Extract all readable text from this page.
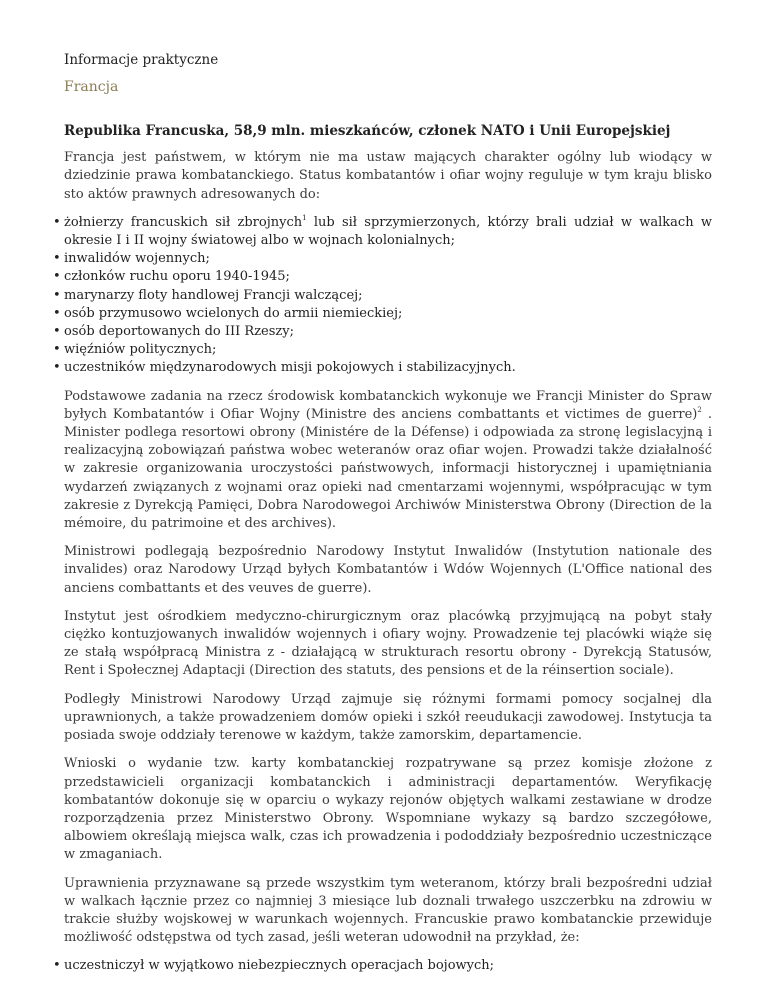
Informacje praktyczne
Francja
Republika Francuska, 58,9 mln. mieszkańców, członek NATO i Unii Europejskiej

Francja jest państwem, w którym nie ma ustaw mających charakter ogólny lub wiodący w dziedzinie prawa kombatanckiego. Status kombatantów i ofiar wojny reguluje w tym kraju blisko sto aktów prawnych adresowanych do:

• żołnierzy francuskich sił zbrojnych$^1$ lub sił sprzymierzonych, którzy brali udział w walkach w okresie I i II wojny światowej albo w wojnach kolonialnych;
• inwalidów wojennych;
• członków ruchu oporu 1940-1945;
• marynarzy floty handlowej Francji walczącej;
• osób przymusowo wcielonych do armii niemieckiej;
• osób deportowanych do III Rzeszy;
• więźniów politycznych;
• uczestników międzynarodowych misji pokojowych i stabilizacyjnych.

Podstawowe zadania na rzecz środowisk kombatanckich wykonuje we Francji Minister do Spraw byłych Kombatantów i Ofiar Wojny (Ministre des anciens combattants et victimes de guerre)$^2$ . Minister podlega resortowi obrony (Ministére de la Défense) i odpowiada za stronę legislacyjną i realizacyjną zobowiązań państwa wobec weteranów oraz ofiar wojen. Prowadzi także działalność w zakresie organizowania uroczystości państwowych, informacji historycznej i upamiętniania wydarzeń związanych z wojnami oraz opieki nad cmentarzami wojennymi, współpracując w tym zakresie z Dyrekcją Pamięci, Dobra Narodowegoi Archiwów Ministerstwa Obrony (Direction de la mémoire, du patrimoine et des archives).

Ministrowi podlegają bezpośrednio Narodowy Instytut Inwalidów (Instytution nationale des invalides) oraz Narodowy Urząd byłych Kombatantów i Wdów Wojennych (L'Office national des anciens combattants et des veuves de guerre).

Instytut jest ośrodkiem medyczno-chirurgicznym oraz placówką przyjmującą na pobyt stały ciężko kontuzjowanych inwalidów wojennych i ofiary wojny. Prowadzenie tej placówki wiąże się ze stałą współpracą Ministra z - działającą w strukturach resortu obrony - Dyrekcją Statusów, Rent i Społecznej Adaptacji (Direction des statuts, des pensions et de la réinsertion sociale).

Podległy Ministrowi Narodowy Urząd zajmuje się różnymi formami pomocy socjalnej dla uprawnionych, a także prowadzeniem domów opieki i szkół reeudukacji zawodowej. Instytucja ta posiada swoje oddziały terenowe w każdym, także zamorskim, departamencie.

Wnioski o wydanie tzw. karty kombatanckiej rozpatrywane są przez komisje złożone z przedstawicieli organizacji kombatanckich i administracji departamentów. Weryfikację kombatantów dokonuje się w oparciu o wykazy rejonów objętych walkami zestawiane w drodze rozporządzenia przez Ministerstwo Obrony. Wspomniane wykazy są bardzo szczegółowe, albowiem określają miejsca walk, czas ich prowadzenia i pododdziały bezpośrednio uczestniczące w zmaganiach.

Uprawnienia przyznawane są przede wszystkim tym weteranom, którzy brali bezpośredni udział w walkach łącznie przez co najmniej 3 miesiące lub doznali trwałego uszczerbku na zdrowiu w trakcie służby wojskowej w warunkach wojennych. Francuskie prawo kombatanckie przewiduje możliwość odstępstwa od tych zasad, jeśli weteran udowodnił na przykład, że:

• uczestniczył w wyjątkowo niebezpiecznych operacjach bojowych;
